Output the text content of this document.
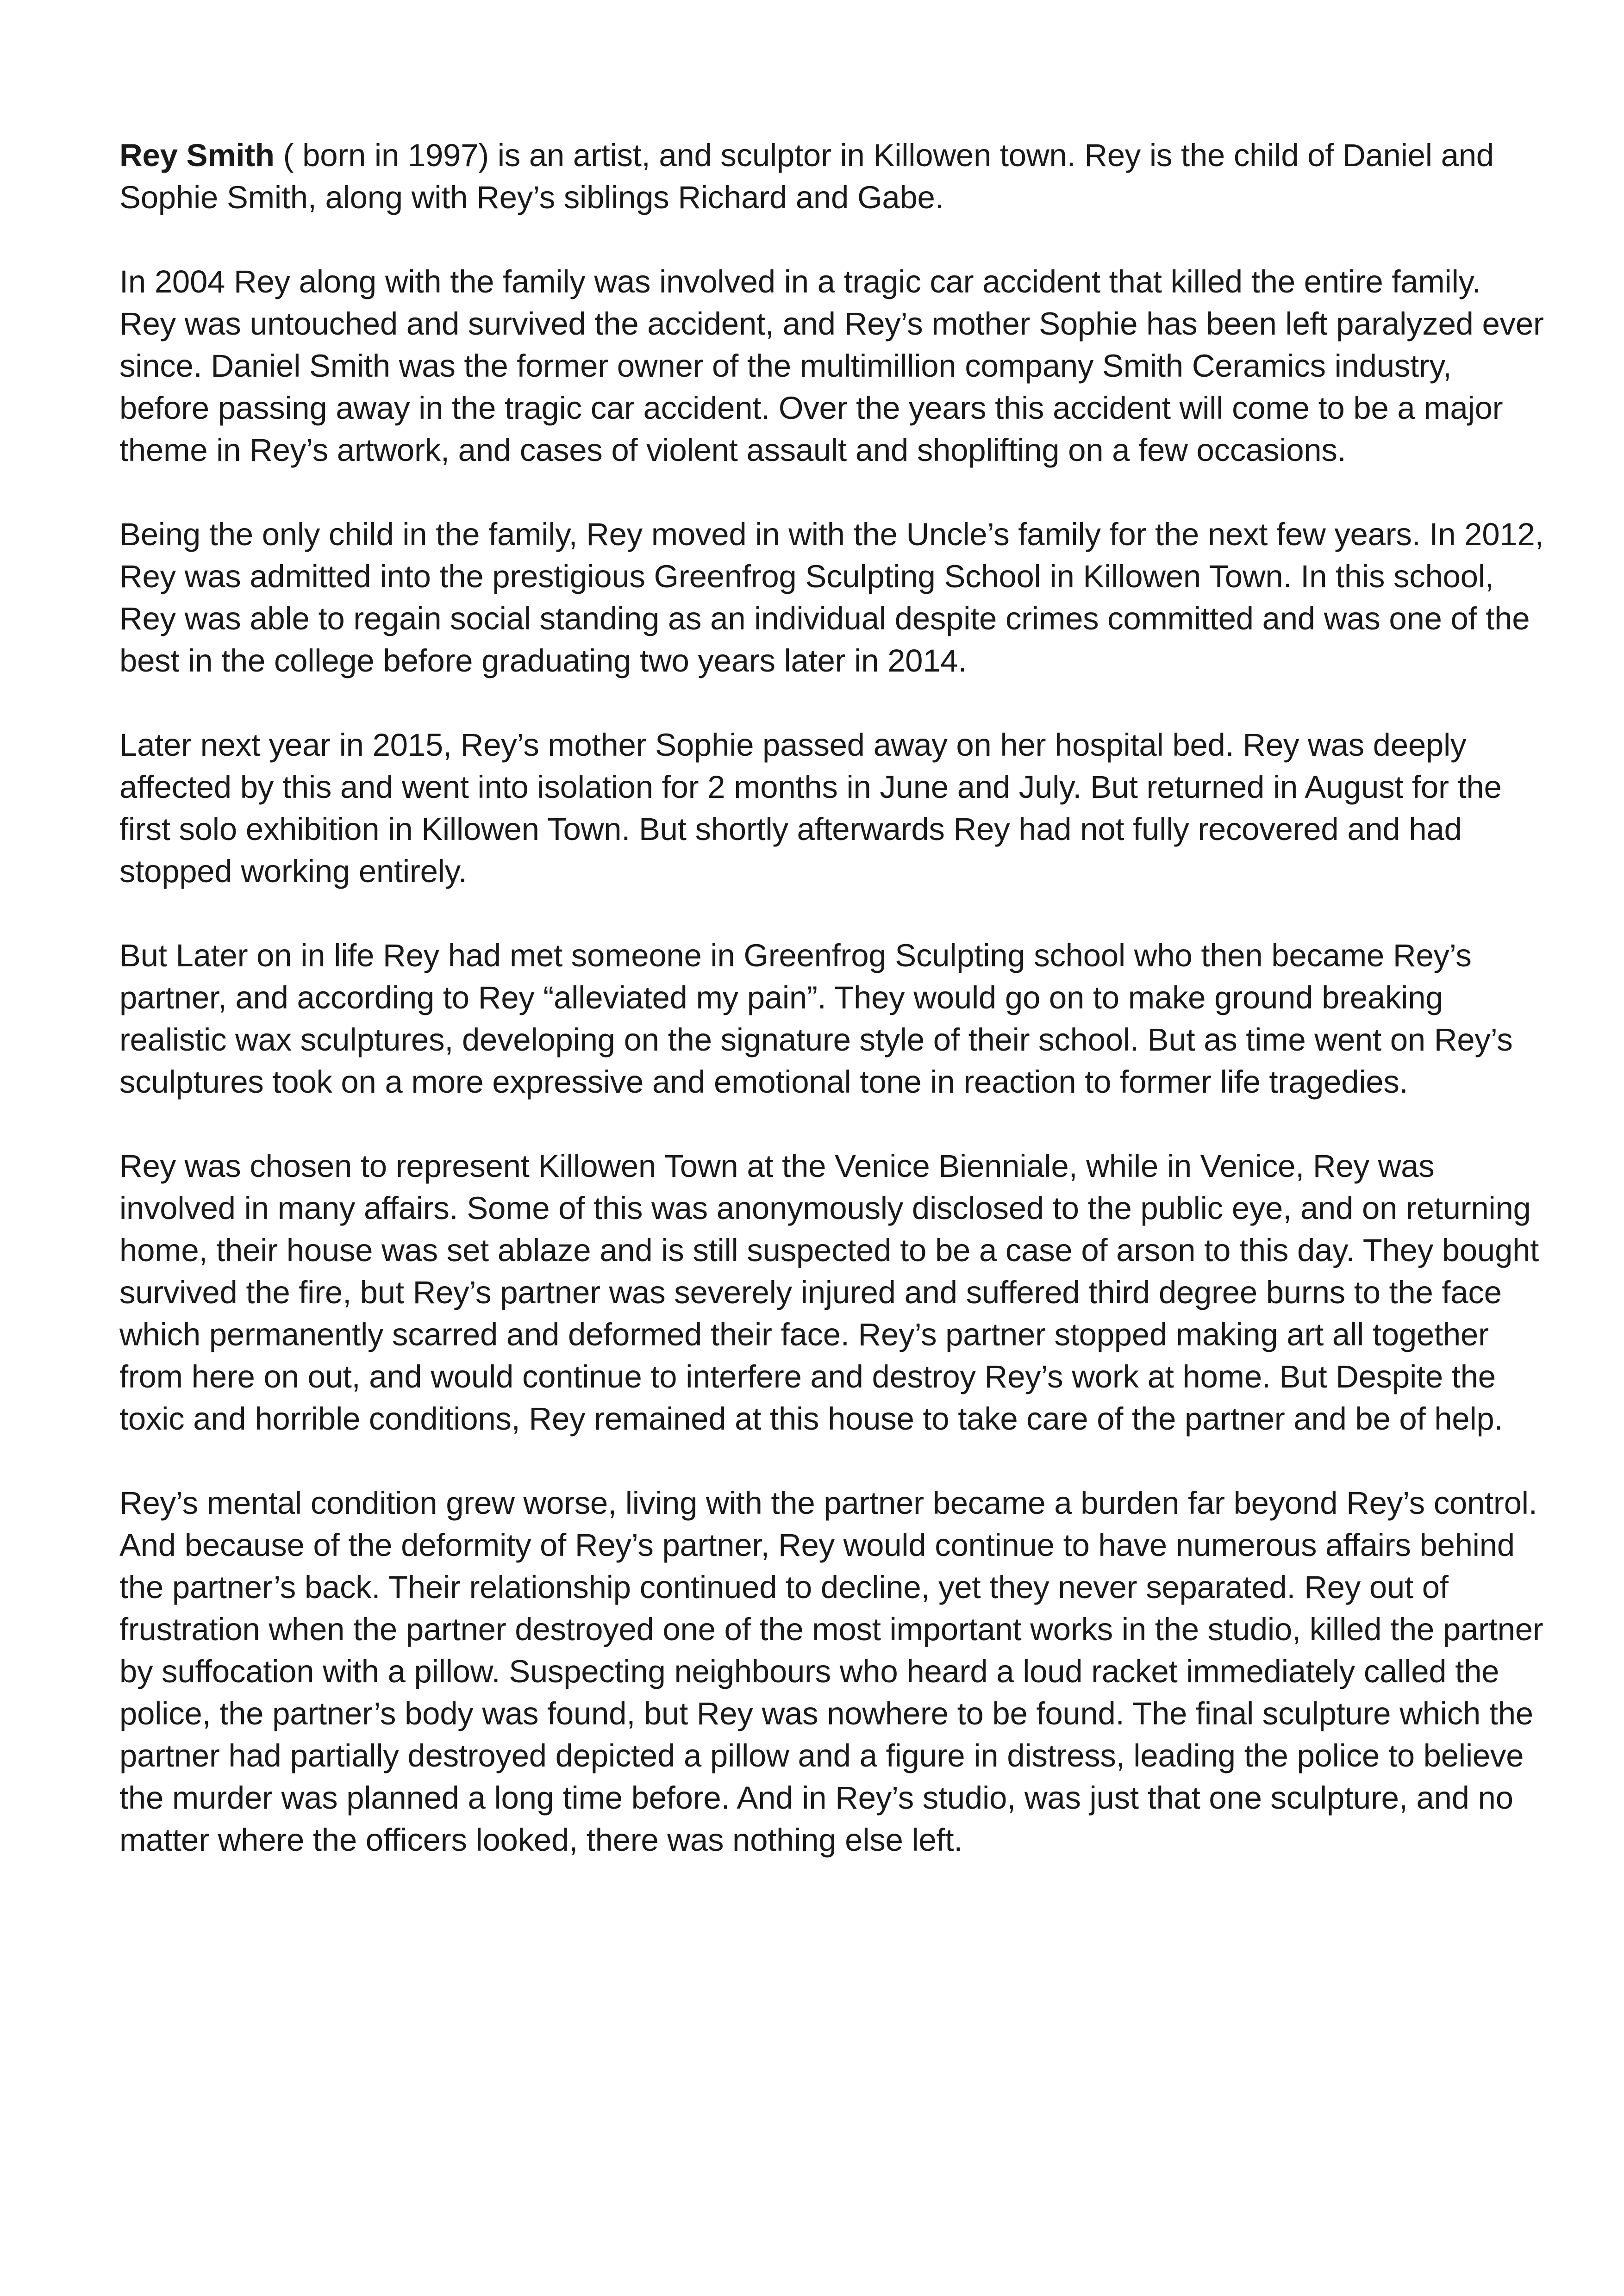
Rey Smith ( born in 1997) is an artist, and sculptor in Killowen town. Rey is the child of Daniel and Sophie Smith, along with Rey’s siblings Richard and Gabe.

In 2004 Rey along with the family was involved in a tragic car accident that killed the entire family. Rey was untouched and survived the accident, and Rey’s mother Sophie has been left paralyzed ever since. Daniel Smith was the former owner of the multimillion company Smith Ceramics industry, before passing away in the tragic car accident. Over the years this accident will come to be a major theme in Rey’s artwork, and cases of violent assault and shoplifting on a few occasions.

Being the only child in the family, Rey moved in with the Uncle’s family for the next few years. In 2012, Rey was admitted into the prestigious Greenfrog Sculpting School in Killowen Town. In this school, Rey was able to regain social standing as an individual despite crimes committed and was one of the best in the college before graduating two years later in 2014.

Later next year in 2015, Rey’s mother Sophie passed away on her hospital bed. Rey was deeply affected by this and went into isolation for 2 months in June and July. But returned in August for the first solo exhibition in Killowen Town. But shortly afterwards Rey had not fully recovered and had stopped working entirely.

But Later on in life Rey had met someone in Greenfrog Sculpting school who then became Rey’s partner, and according to Rey “alleviated my pain”. They would go on to make ground breaking realistic wax sculptures, developing on the signature style of their school. But as time went on Rey’s sculptures took on a more expressive and emotional tone in reaction to former life tragedies.

Rey was chosen to represent Killowen Town at the Venice Bienniale, while in Venice, Rey was involved in many affairs. Some of this was anonymously disclosed to the public eye, and on returning home, their house was set ablaze and is still suspected to be a case of arson to this day. They bought survived the fire, but Rey’s partner was severely injured and suffered third degree burns to the face which permanently scarred and deformed their face. Rey’s partner stopped making art all together from here on out, and would continue to interfere and destroy Rey’s work at home. But Despite the toxic and horrible conditions, Rey remained at this house to take care of the partner and be of help.

Rey’s mental condition grew worse, living with the partner became a burden far beyond Rey’s control. And because of the deformity of Rey’s partner, Rey would continue to have numerous affairs behind the partner’s back. Their relationship continued to decline, yet they never separated. Rey out of frustration when the partner destroyed one of the most important works in the studio, killed the partner by suffocation with a pillow. Suspecting neighbours who heard a loud racket immediately called the police, the partner’s body was found, but Rey was nowhere to be found. The final sculpture which the partner had partially destroyed depicted a pillow and a figure in distress, leading the police to believe the murder was planned a long time before. And in Rey’s studio, was just that one sculpture, and no matter where the officers looked, there was nothing else left.
